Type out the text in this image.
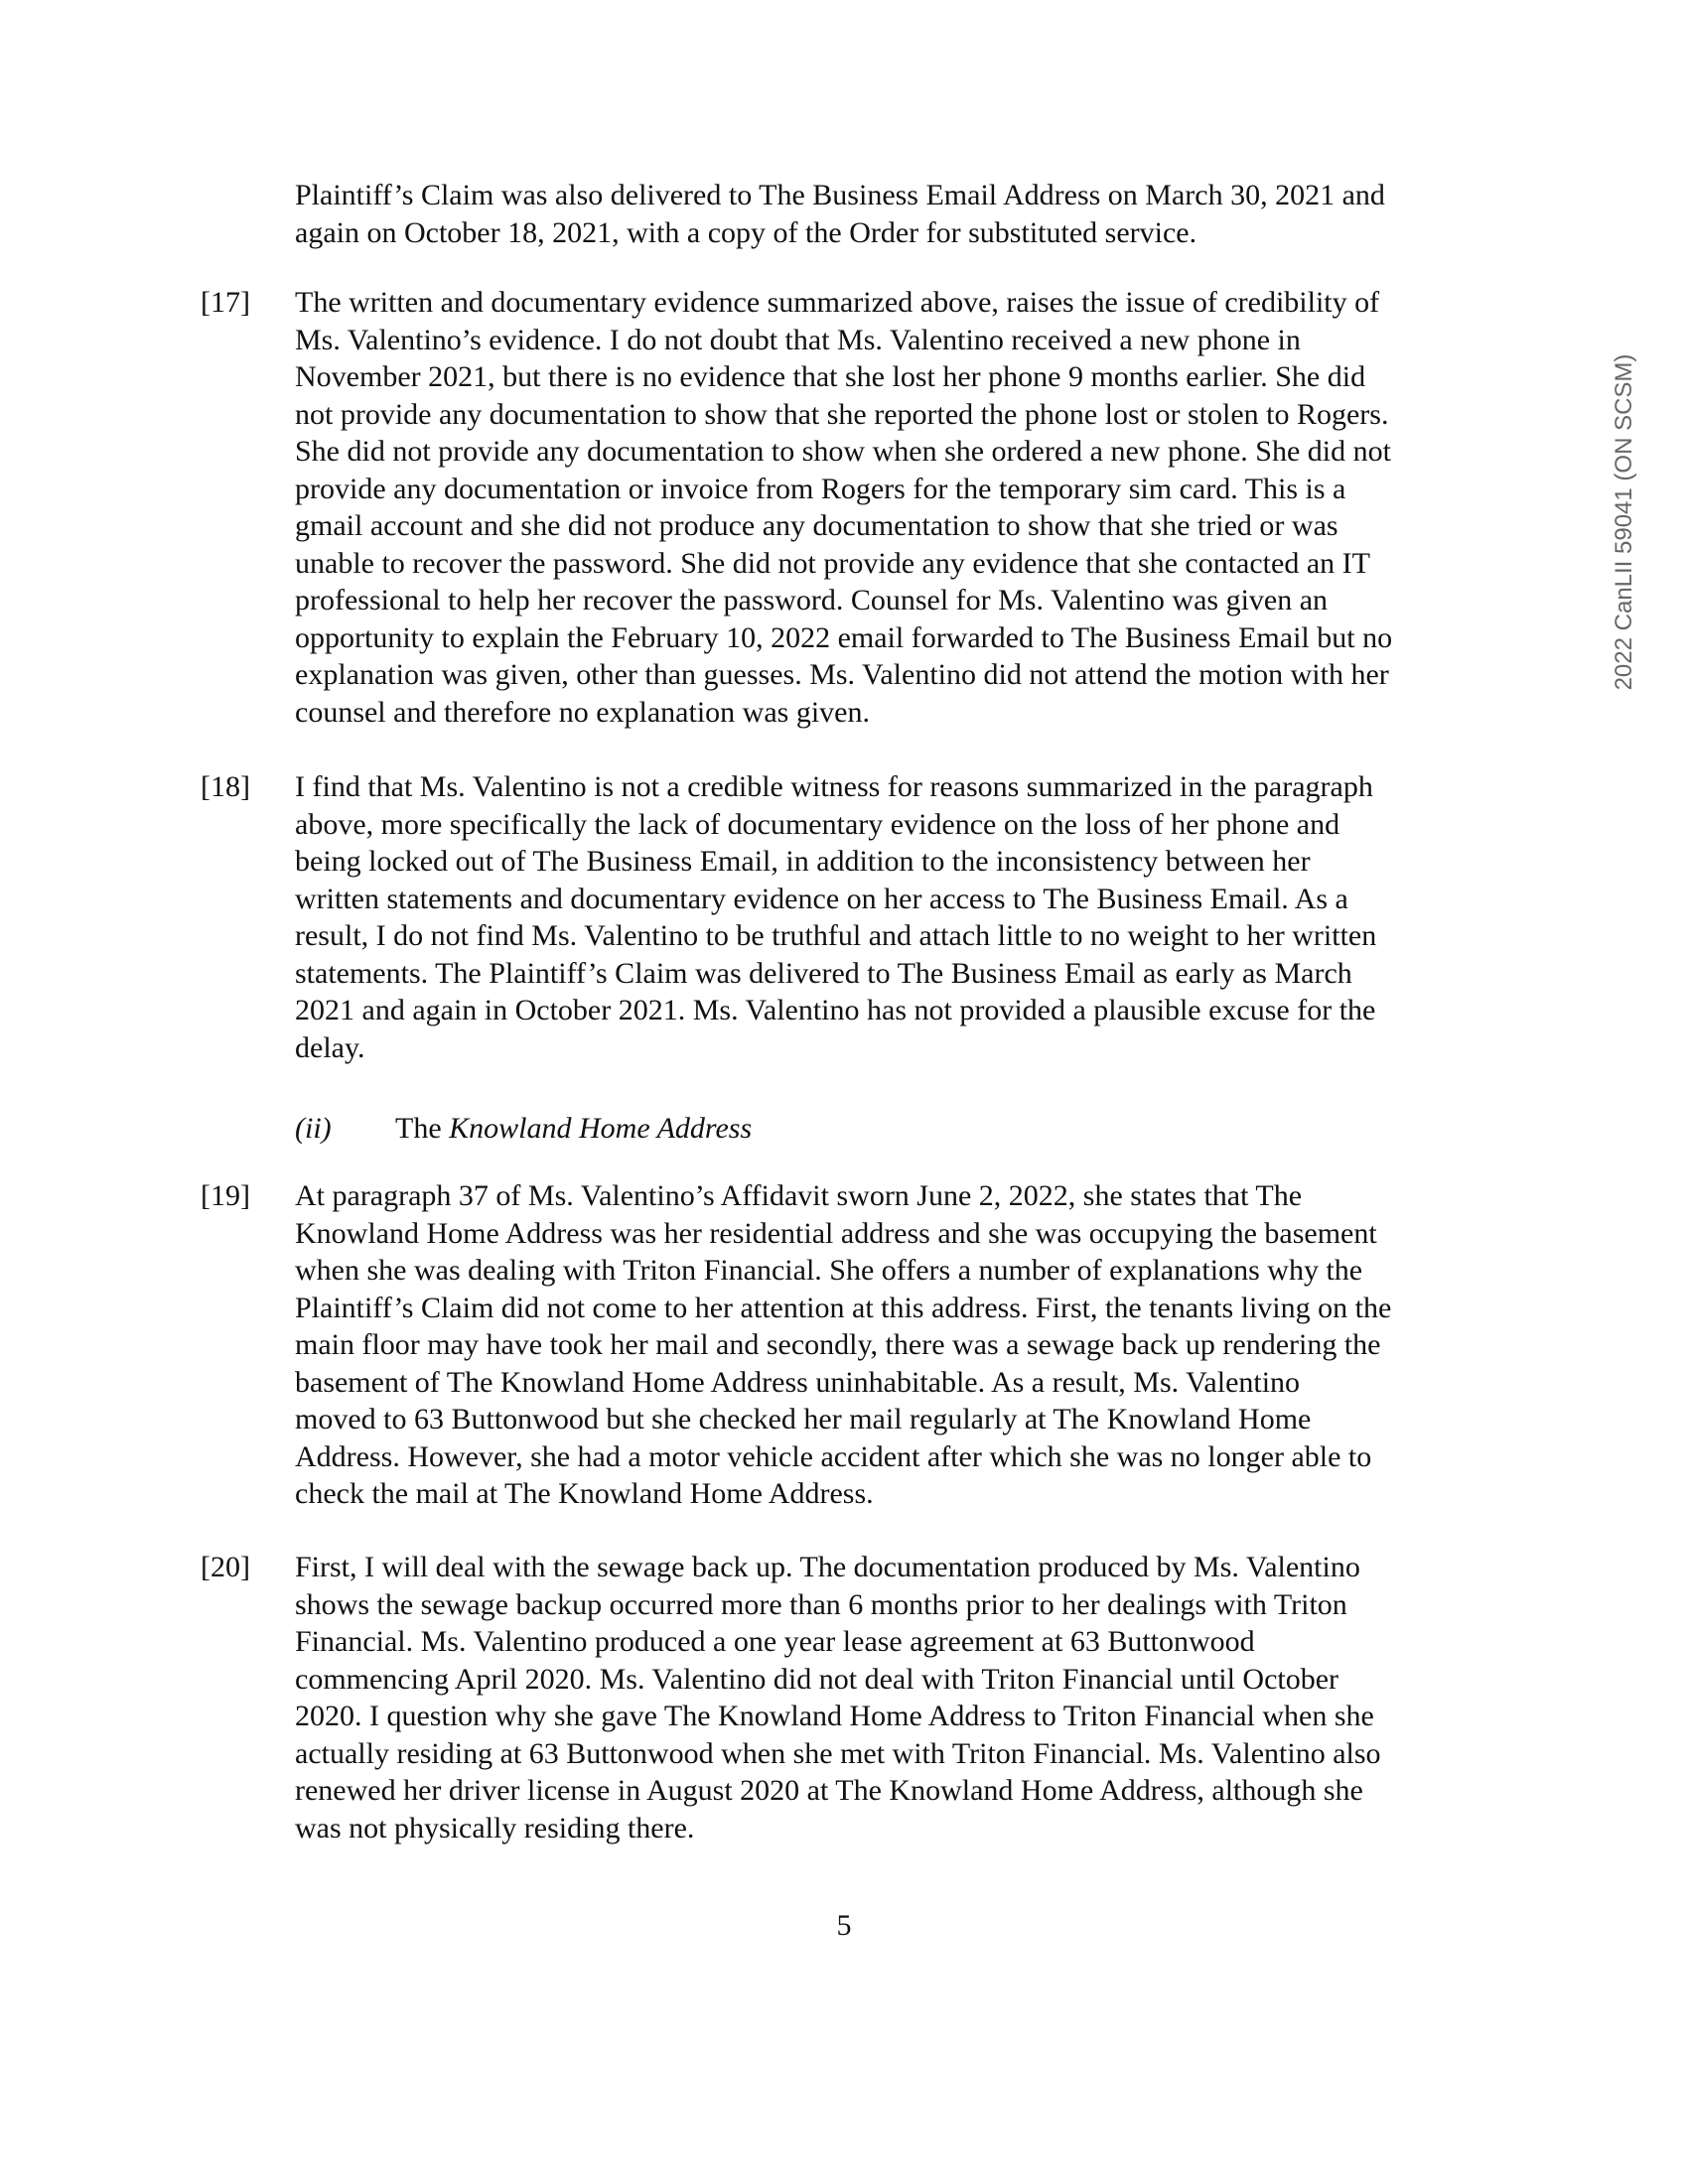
Plaintiff’s Claim was also delivered to The Business Email Address on March 30, 2021 and
again on October 18, 2021, with a copy of the Order for substituted service.
[17] The written and documentary evidence summarized above, raises the issue of credibility of
Ms. Valentino’s evidence. I do not doubt that Ms. Valentino received a new phone in
November 2021, but there is no evidence that she lost her phone 9 months earlier. She did
not provide any documentation to show that she reported the phone lost or stolen to Rogers.
She did not provide any documentation to show when she ordered a new phone. She did not
provide any documentation or invoice from Rogers for the temporary sim card. This is a
gmail account and she did not produce any documentation to show that she tried or was
unable to recover the password. She did not provide any evidence that she contacted an IT
professional to help her recover the password. Counsel for Ms. Valentino was given an
opportunity to explain the February 10, 2022 email forwarded to The Business Email but no
explanation was given, other than guesses. Ms. Valentino did not attend the motion with her
counsel and therefore no explanation was given.
[18] I find that Ms. Valentino is not a credible witness for reasons summarized in the paragraph
above, more specifically the lack of documentary evidence on the loss of her phone and
being locked out of The Business Email, in addition to the inconsistency between her
written statements and documentary evidence on her access to The Business Email. As a
result, I do not find Ms. Valentino to be truthful and attach little to no weight to her written
statements. The Plaintiff’s Claim was delivered to The Business Email as early as March
2021 and again in October 2021. Ms. Valentino has not provided a plausible excuse for the
delay.
(ii) The Knowland Home Address
[19] At paragraph 37 of Ms. Valentino’s Affidavit sworn June 2, 2022, she states that The
Knowland Home Address was her residential address and she was occupying the basement
when she was dealing with Triton Financial. She offers a number of explanations why the
Plaintiff’s Claim did not come to her attention at this address. First, the tenants living on the
main floor may have took her mail and secondly, there was a sewage back up rendering the
basement of The Knowland Home Address uninhabitable. As a result, Ms. Valentino
moved to 63 Buttonwood but she checked her mail regularly at The Knowland Home
Address. However, she had a motor vehicle accident after which she was no longer able to
check the mail at The Knowland Home Address.
[20] First, I will deal with the sewage back up. The documentation produced by Ms. Valentino
shows the sewage backup occurred more than 6 months prior to her dealings with Triton
Financial. Ms. Valentino produced a one year lease agreement at 63 Buttonwood
commencing April 2020. Ms. Valentino did not deal with Triton Financial until October
2020. I question why she gave The Knowland Home Address to Triton Financial when she
actually residing at 63 Buttonwood when she met with Triton Financial. Ms. Valentino also
renewed her driver license in August 2020 at The Knowland Home Address, although she
was not physically residing there.
5
2022 CanLII 59041 (ON SCSM)
